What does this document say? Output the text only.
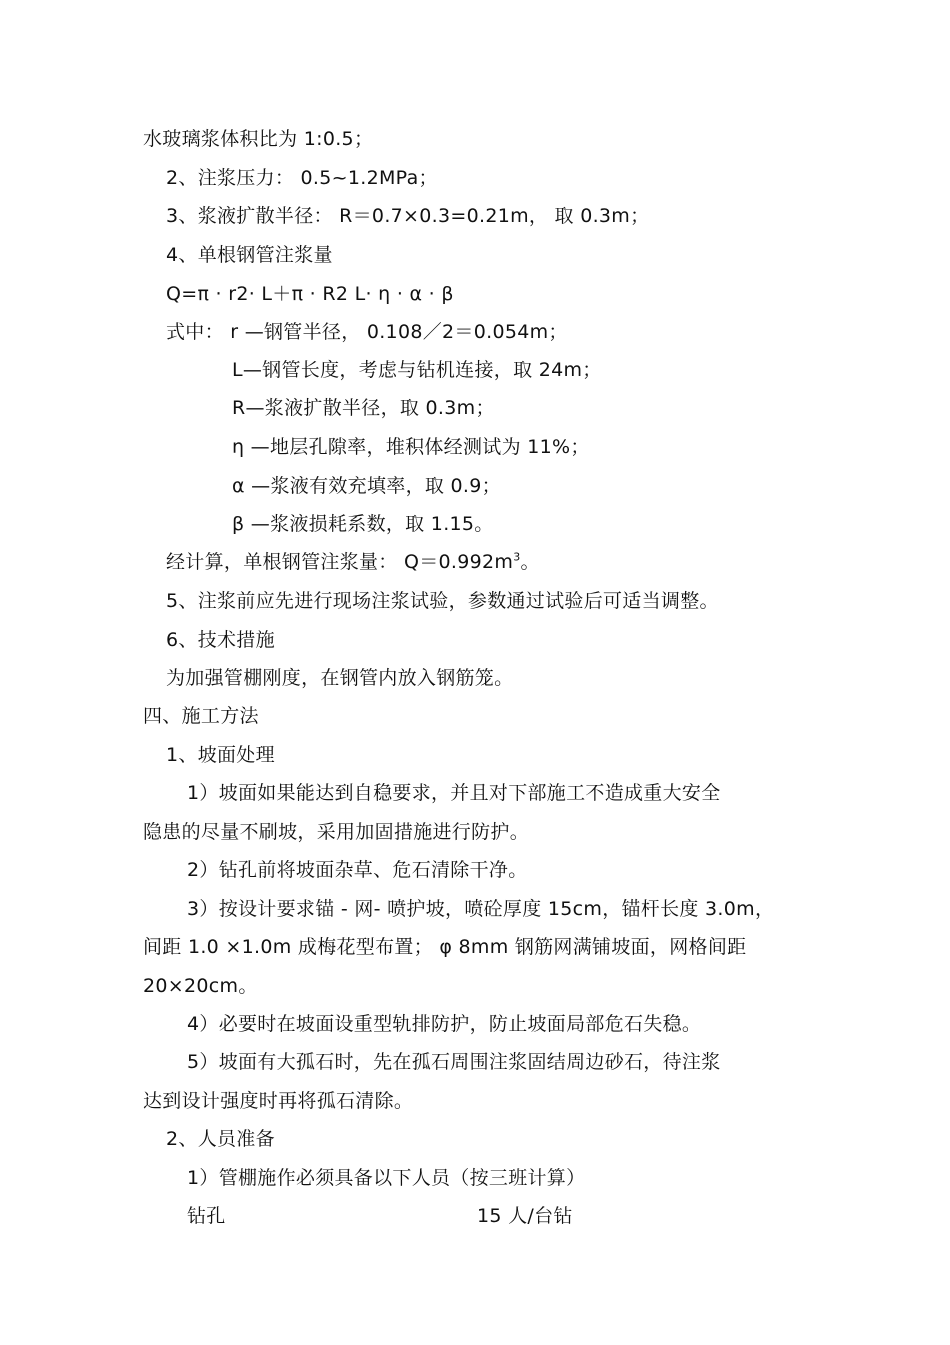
水玻璃浆体积比为 1:0.5；
2、注浆压力： 0.5~1.2MPa；
3、浆液扩散半径： R＝0.7×0.3=0.21m， 取 0.3m；
4、单根钢管注浆量
Q=π · r2· L＋π · R2 L· η · α · β
式中： r —钢管半径， 0.108／2＝0.054m；
L—钢管长度，考虑与钻机连接，取 24m；
R—浆液扩散半径，取 0.3m；
η —地层孔隙率，堆积体经测试为 11%；
α —浆液有效充填率，取 0.9；
β —浆液损耗系数，取 1.15。
经计算，单根钢管注浆量： $Q=0.992m^3$。
5、注浆前应先进行现场注浆试验，参数通过试验后可适当调整。
6、技术措施
为加强管棚刚度，在钢管内放入钢筋笼。
四、施工方法
1、坡面处理
1）坡面如果能达到自稳要求，并且对下部施工不造成重大安全
隐患的尽量不刷坡，采用加固措施进行防护。
2）钻孔前将坡面杂草、危石清除干净。
3）按设计要求锚 - 网- 喷护坡，喷砼厚度 15cm，锚杆长度 3.0m，
间距 1.0 ×1.0m 成梅花型布置； φ 8mm 钢筋网满铺坡面，网格间距
20×20cm。
4）必要时在坡面设重型轨排防护，防止坡面局部危石失稳。
5）坡面有大孤石时，先在孤石周围注浆固结周边砂石，待注浆
达到设计强度时再将孤石清除。
2、人员准备
1）管棚施作必须具备以下人员（按三班计算）
钻孔	15 人/台钻
